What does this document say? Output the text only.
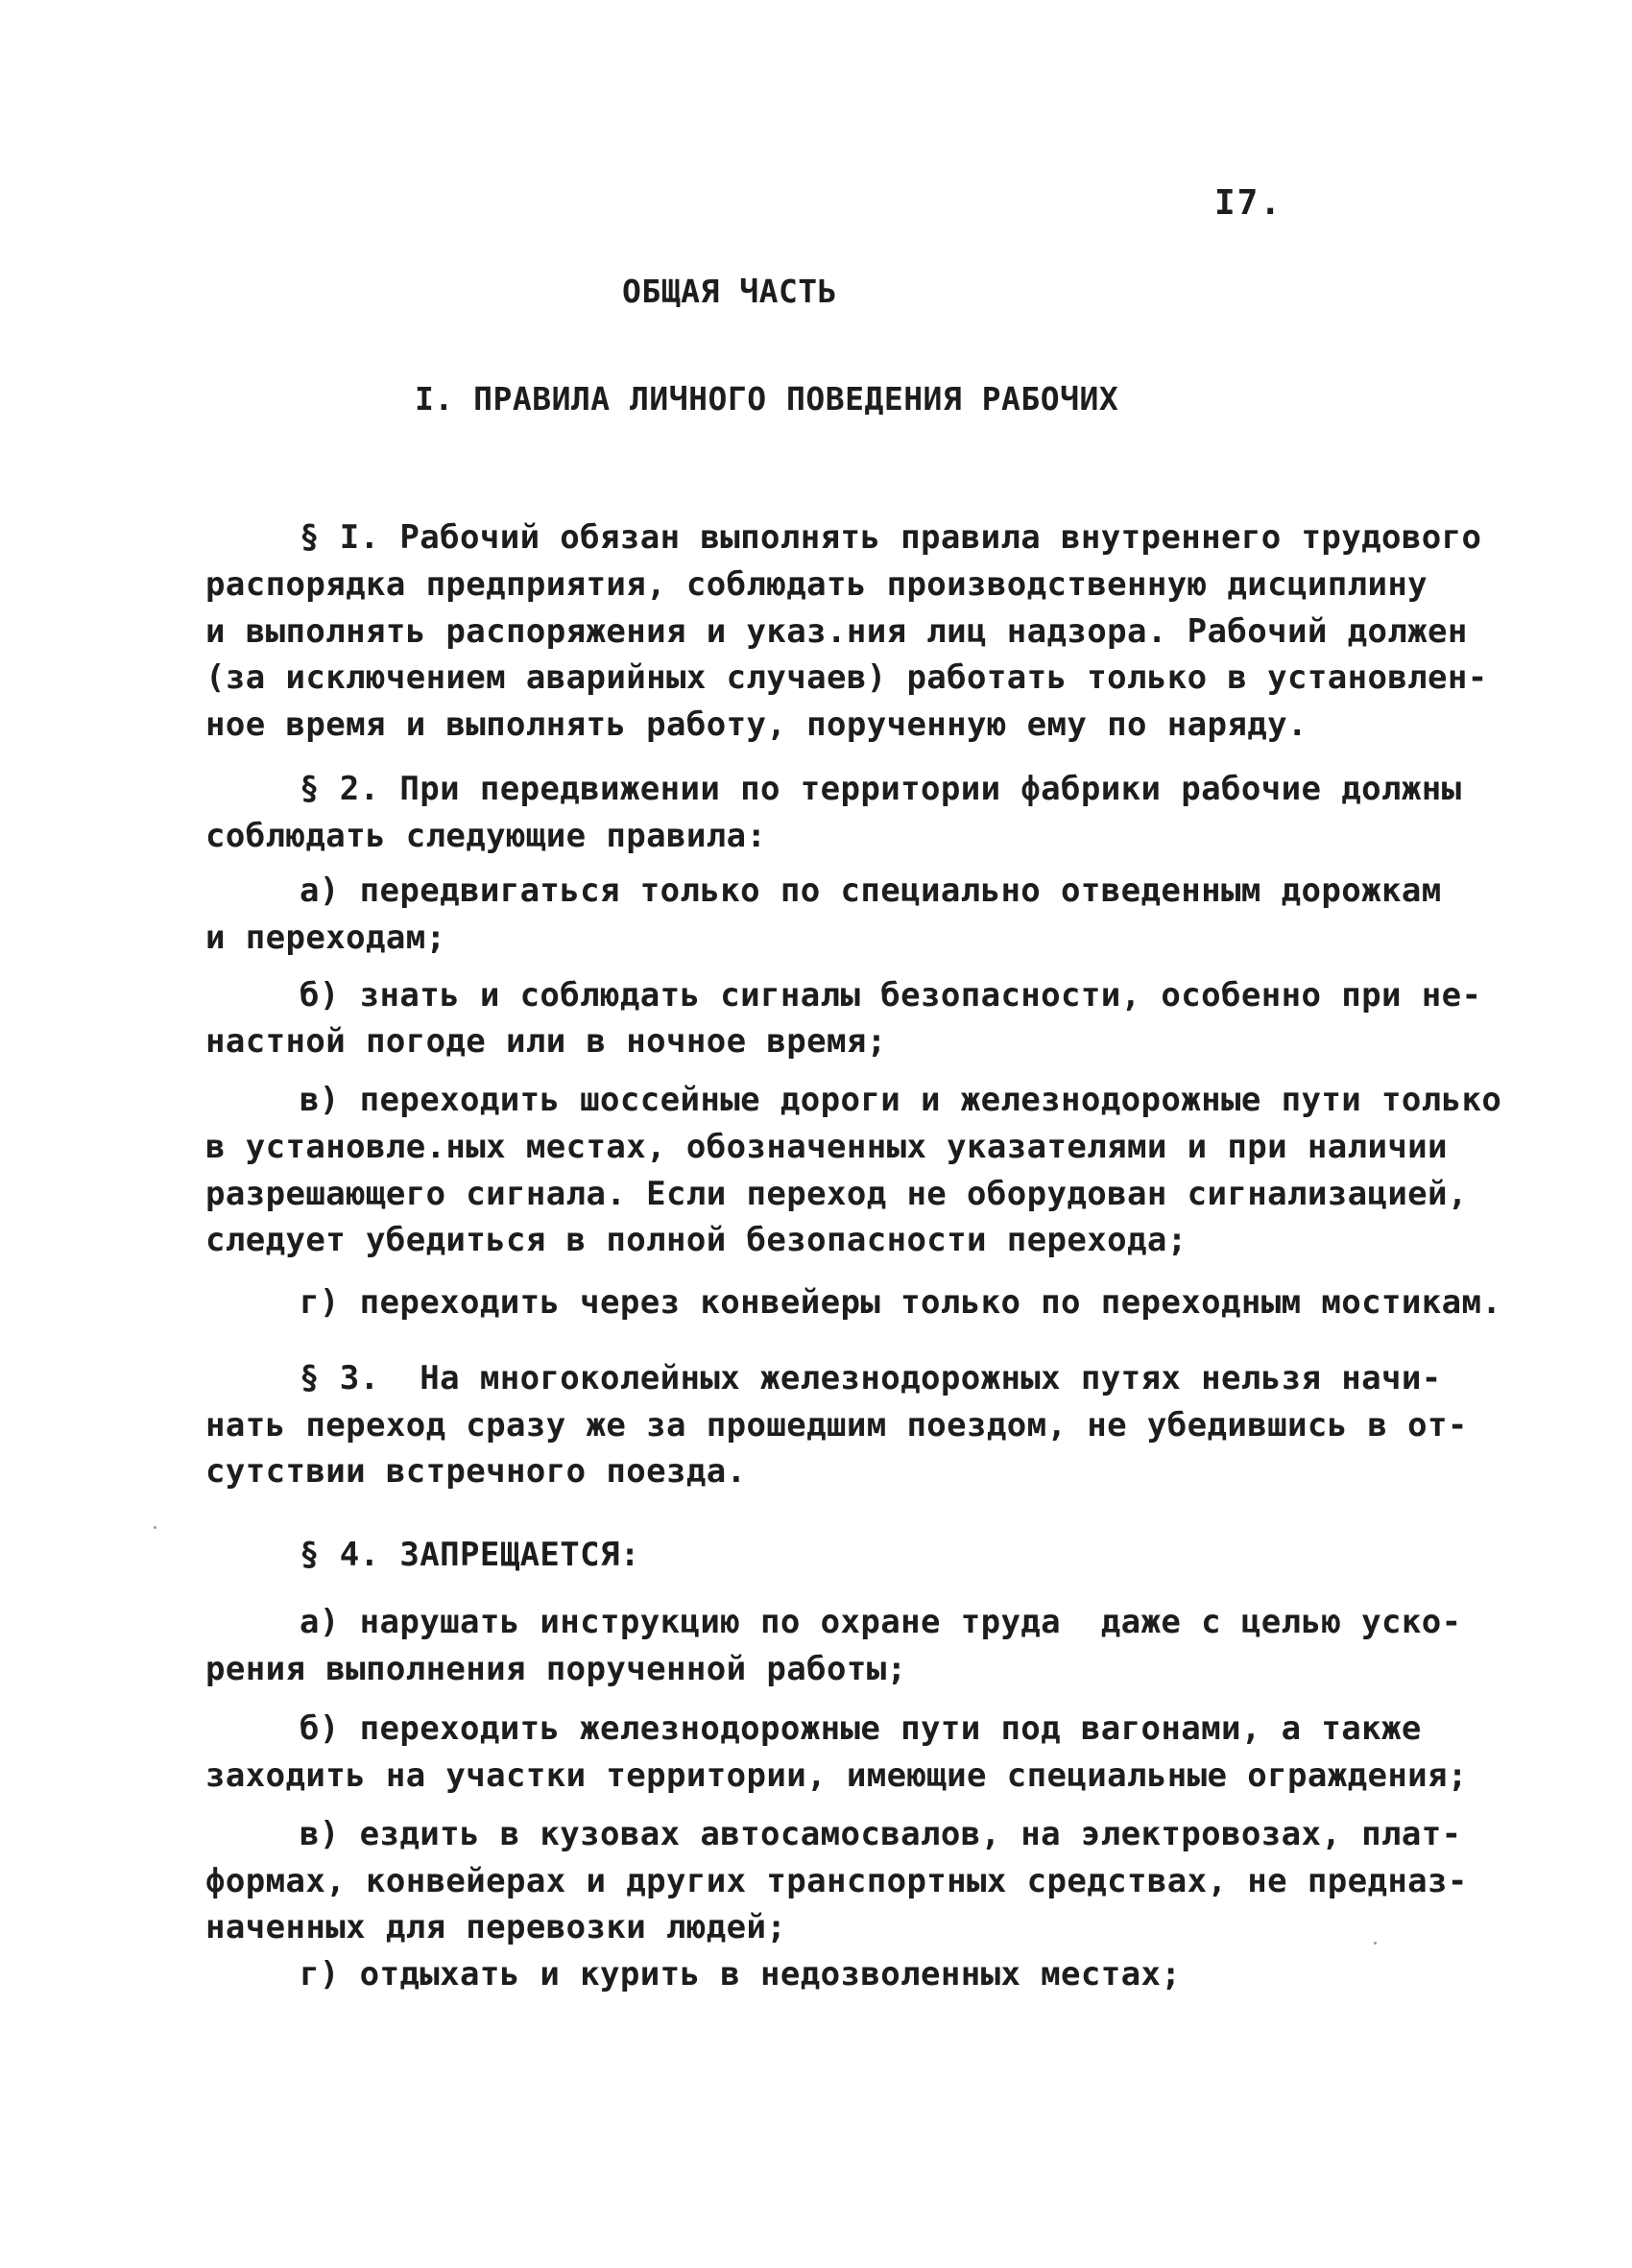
I7.
ОБЩАЯ ЧАСТЬ
I. ПРАВИЛА ЛИЧНОГО ПОВЕДЕНИЯ РАБОЧИХ
§ I. Рабочий обязан выполнять правила внутреннего трудового
распорядка предприятия, соблюдать производственную дисциплину
и выполнять распоряжения и указ.ния лиц надзора. Рабочий должен
(за исключением аварийных случаев) работать только в установлен-
ное время и выполнять работу, порученную ему по наряду.
§ 2. При передвижении по территории фабрики рабочие должны
соблюдать следующие правила:
а) передвигаться только по специально отведенным дорожкам
и переходам;
б) знать и соблюдать сигналы безопасности, особенно при не-
настной погоде или в ночное время;
в) переходить шоссейные дороги и железнодорожные пути только
в установле.ных местах, обозначенных указателями и при наличии
разрешающего сигнала. Если переход не оборудован сигнализацией,
следует убедиться в полной безопасности перехода;
г) переходить через конвейеры только по переходным мостикам.
§ 3.  На многоколейных железнодорожных путях нельзя начи-
нать переход сразу же за прошедшим поездом, не убедившись в от-
сутствии встречного поезда.
§ 4. ЗАПРЕЩАЕТСЯ:
а) нарушать инструкцию по охране труда  даже с целью уско-
рения выполнения порученной работы;
б) переходить железнодорожные пути под вагонами, а также
заходить на участки территории, имеющие специальные ограждения;
в) ездить в кузовах автосамосвалов, на электровозах, плат-
формах, конвейерах и других транспортных средствах, не предназ-
наченных для перевозки людей;
г) отдыхать и курить в недозволенных местах;
